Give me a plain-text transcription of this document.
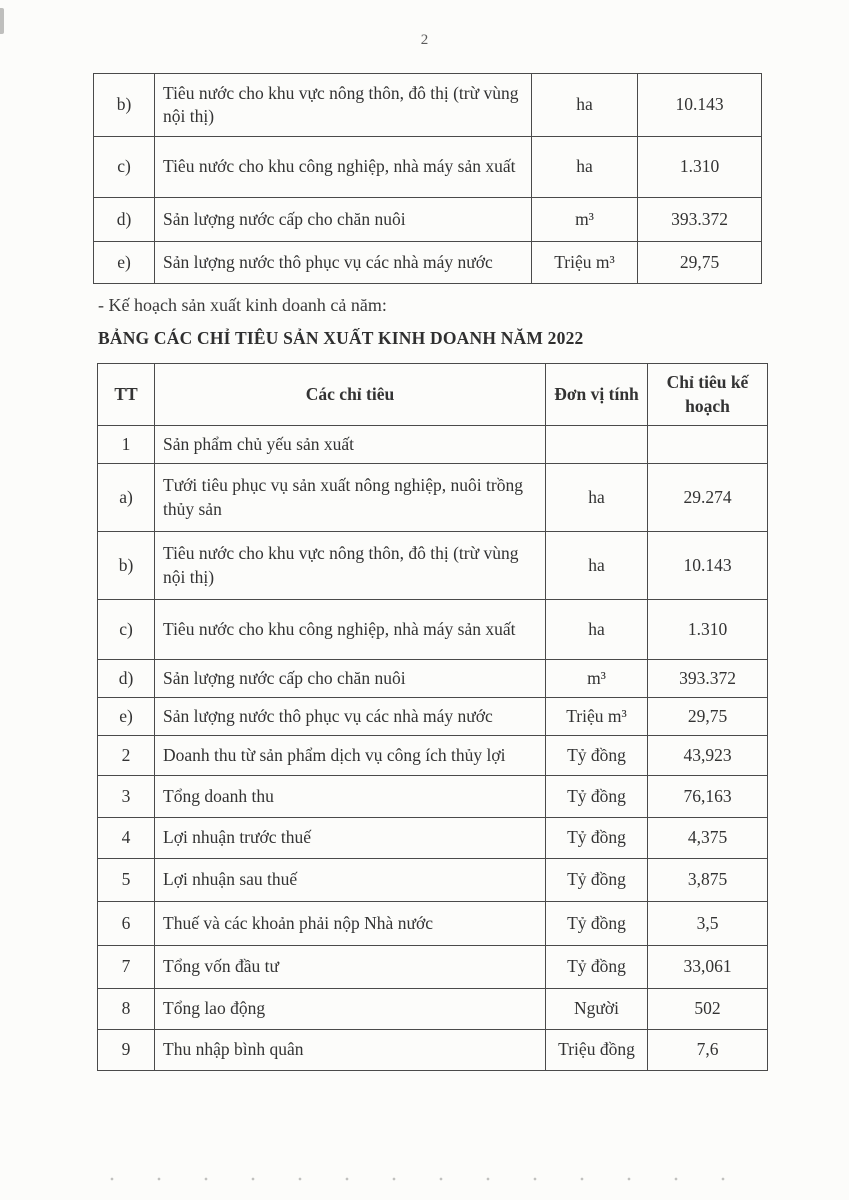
2
b)	Tiêu nước cho khu vực nông thôn, đô thị (trừ vùng nội thị)	ha	10.143
c)	Tiêu nước cho khu công nghiệp, nhà máy sản xuất	ha	1.310
d)	Sản lượng nước cấp cho chăn nuôi	m³	393.372
e)	Sản lượng nước thô phục vụ các nhà máy nước	Triệu m³	29,75
- Kế hoạch sản xuất kinh doanh cả năm:
BẢNG CÁC CHỈ TIÊU SẢN XUẤT KINH DOANH NĂM 2022
TT	Các chỉ tiêu	Đơn vị tính	Chỉ tiêu kế hoạch
1	Sản phẩm chủ yếu sản xuất		
a)	Tưới tiêu phục vụ sản xuất nông nghiệp, nuôi trồng thủy sản	ha	29.274
b)	Tiêu nước cho khu vực nông thôn, đô thị (trừ vùng nội thị)	ha	10.143
c)	Tiêu nước cho khu công nghiệp, nhà máy sản xuất	ha	1.310
d)	Sản lượng nước cấp cho chăn nuôi	m³	393.372
e)	Sản lượng nước thô phục vụ các nhà máy nước	Triệu m³	29,75
2	Doanh thu từ sản phẩm dịch vụ công ích thủy lợi	Tỷ đồng	43,923
3	Tổng doanh thu	Tỷ đồng	76,163
4	Lợi nhuận trước thuế	Tỷ đồng	4,375
5	Lợi nhuận sau thuế	Tỷ đồng	3,875
6	Thuế và các khoản phải nộp Nhà nước	Tỷ đồng	3,5
7	Tổng vốn đầu tư	Tỷ đồng	33,061
8	Tổng lao động	Người	502
9	Thu nhập bình quân	Triệu đồng	7,6
